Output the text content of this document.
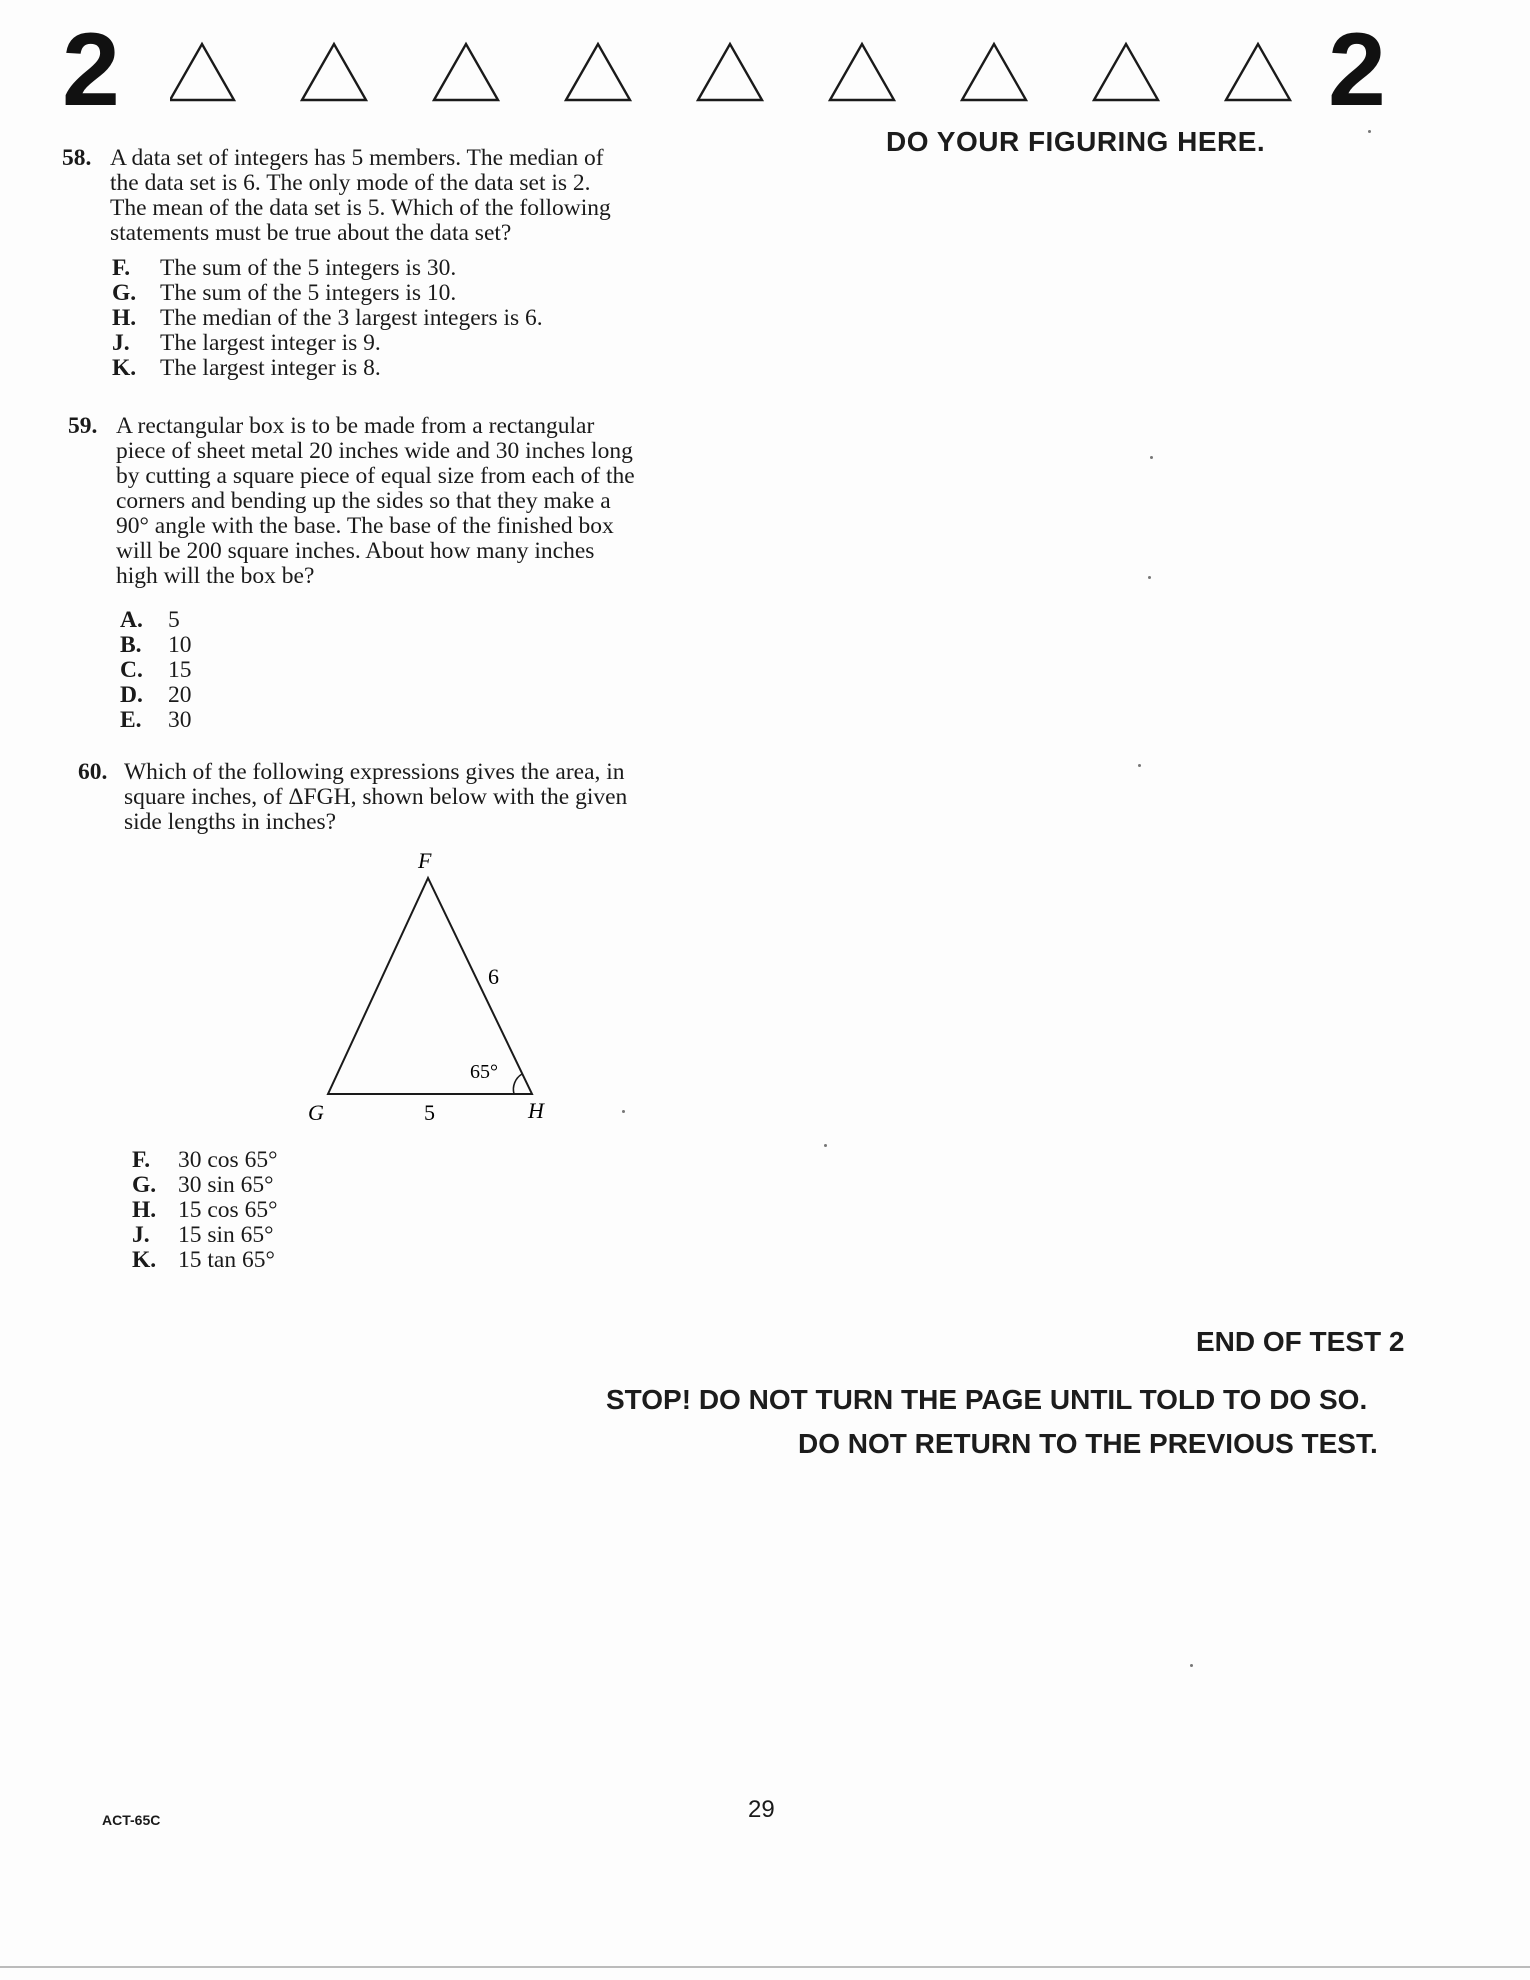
2	2
DO YOUR FIGURING HERE.
58. A data set of integers has 5 members. The median of
the data set is 6. The only mode of the data set is 2.
The mean of the data set is 5. Which of the following
statements must be true about the data set?
F. The sum of the 5 integers is 30.
G. The sum of the 5 integers is 10.
H. The median of the 3 largest integers is 6.
J. The largest integer is 9.
K. The largest integer is 8.
59. A rectangular box is to be made from a rectangular
piece of sheet metal 20 inches wide and 30 inches long
by cutting a square piece of equal size from each of the
corners and bending up the sides so that they make a
90° angle with the base. The base of the finished box
will be 200 square inches. About how many inches
high will the box be?
A. 5
B. 10
C. 15
D. 20
E. 30
60. Which of the following expressions gives the area, in
square inches, of ΔFGH, shown below with the given
side lengths in inches?
F
G	H
6
5
65°
F. 30 cos 65°
G. 30 sin 65°
H. 15 cos 65°
J. 15 sin 65°
K. 15 tan 65°
END OF TEST 2
STOP! DO NOT TURN THE PAGE UNTIL TOLD TO DO SO.
DO NOT RETURN TO THE PREVIOUS TEST.
ACT-65C	29
